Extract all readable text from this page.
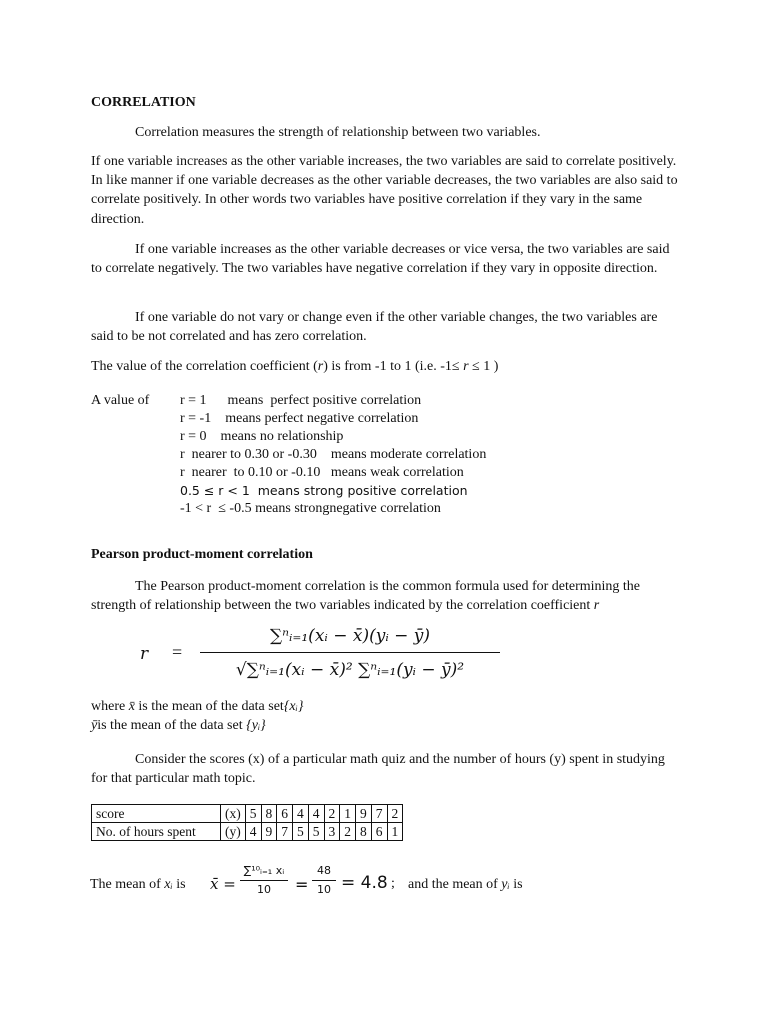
CORRELATION

Correlation measures the strength of relationship between two variables.

If one variable increases as the other variable increases, the two variables are said to correlate positively. In like manner if one variable decreases as the other variable decreases, the two variables are also said to correlate positively. In other words two variables have positive correlation if they vary in the same direction.

If one variable increases as the other variable decreases or vice versa, the two variables are said to correlate negatively. The two variables have negative correlation if they vary in opposite direction.

If one variable do not vary or change even if the other variable changes, the two variables are said to be not correlated and has zero correlation.

The value of the correlation coefficient (r) is from -1 to 1 (i.e. -1≤ r ≤ 1 )

A value of r = 1      means  perfect positive correlation
r = -1    means perfect negative correlation
r = 0    means no relationship
r  nearer to 0.30 or -0.30    means moderate correlation
r  nearer  to 0.10 or -0.10   means weak correlation
0.5 ≤ r < 1  means strong positive correlation
-1 < r  ≤ -0.5 means strongnegative correlation
Pearson product-moment correlation

The Pearson product-moment correlation is the common formula used for determining the strength of relationship between the two variables indicated by the correlation coefficient r

r =
∑ⁿᵢ₌₁(xᵢ − x̄)(yᵢ − ȳ)
√∑ⁿᵢ₌₁(xᵢ − x̄)² ∑ⁿᵢ₌₁(yᵢ − ȳ)²

where x̄ is the mean of the data set{xᵢ}

ȳis the mean of the data set {yᵢ}

Consider the scores (x) of a particular math quiz and the number of hours (y) spent in studying for that particular math topic.

score	(x)	5	8	6	4	4	2	1	9	7	2
No. of hours spent	(y)	4	9	7	5	5	3	2	8	6	1
The mean of xᵢ is x̄ =
∑¹⁰ᵢ₌₁ xᵢ
10	=
48
10 = 4.8 ; and the mean of yᵢ is
